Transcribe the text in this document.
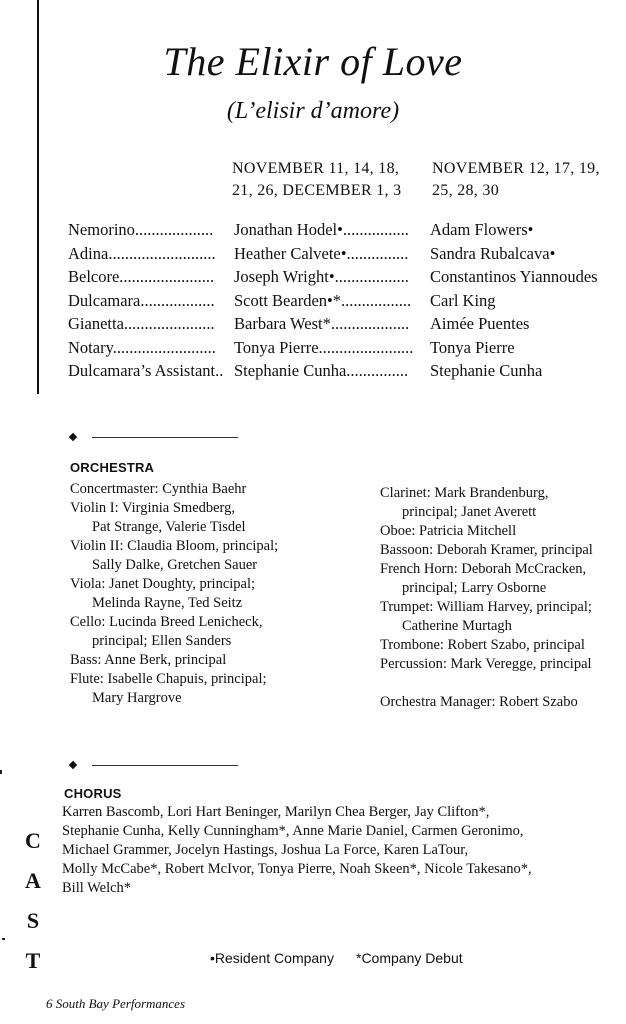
The Elixir of Love
(L’elisir d’amore)
NOVEMBER 11, 14, 18,
21, 26, DECEMBER 1, 3
NOVEMBER 12, 17, 19,
25, 28, 30
Nemorino................... Jonathan Hodel•................ Adam Flowers•
Adina.......................... Heather Calvete•............... Sandra Rubalcava•
Belcore....................... Joseph Wright•.................. Constantinos Yiannoudes
Dulcamara.................. Scott Bearden•*................. Carl King
Gianetta...................... Barbara West*................... Aimée Puentes
Notary......................... Tonya Pierre....................... Tonya Pierre
Dulcamara’s Assistant.. Stephanie Cunha............... Stephanie Cunha
ORCHESTRA
Concertmaster: Cynthia Baehr
Violin I: Virginia Smedberg,
Pat Strange, Valerie Tisdel
Violin II: Claudia Bloom, principal;
Sally Dalke, Gretchen Sauer
Viola: Janet Doughty, principal;
Melinda Rayne, Ted Seitz
Cello: Lucinda Breed Lenicheck,
principal; Ellen Sanders
Bass: Anne Berk, principal
Flute: Isabelle Chapuis, principal;
Mary Hargrove
Clarinet: Mark Brandenburg,
principal; Janet Averett
Oboe: Patricia Mitchell
Bassoon: Deborah Kramer, principal
French Horn: Deborah McCracken,
principal; Larry Osborne
Trumpet: William Harvey, principal;
Catherine Murtagh
Trombone: Robert Szabo, principal
Percussion: Mark Veregge, principal
Orchestra Manager: Robert Szabo
CHORUS
Karren Bascomb, Lori Hart Beninger, Marilyn Chea Berger, Jay Clifton*,
Stephanie Cunha, Kelly Cunningham*, Anne Marie Daniel, Carmen Geronimo,
Michael Grammer, Jocelyn Hastings, Joshua La Force, Karen LaTour,
Molly McCabe*, Robert McIvor, Tonya Pierre, Noah Skeen*, Nicole Takesano*,
Bill Welch*
C
A
S
T	•Resident Company *Company Debut
6 South Bay Performances
